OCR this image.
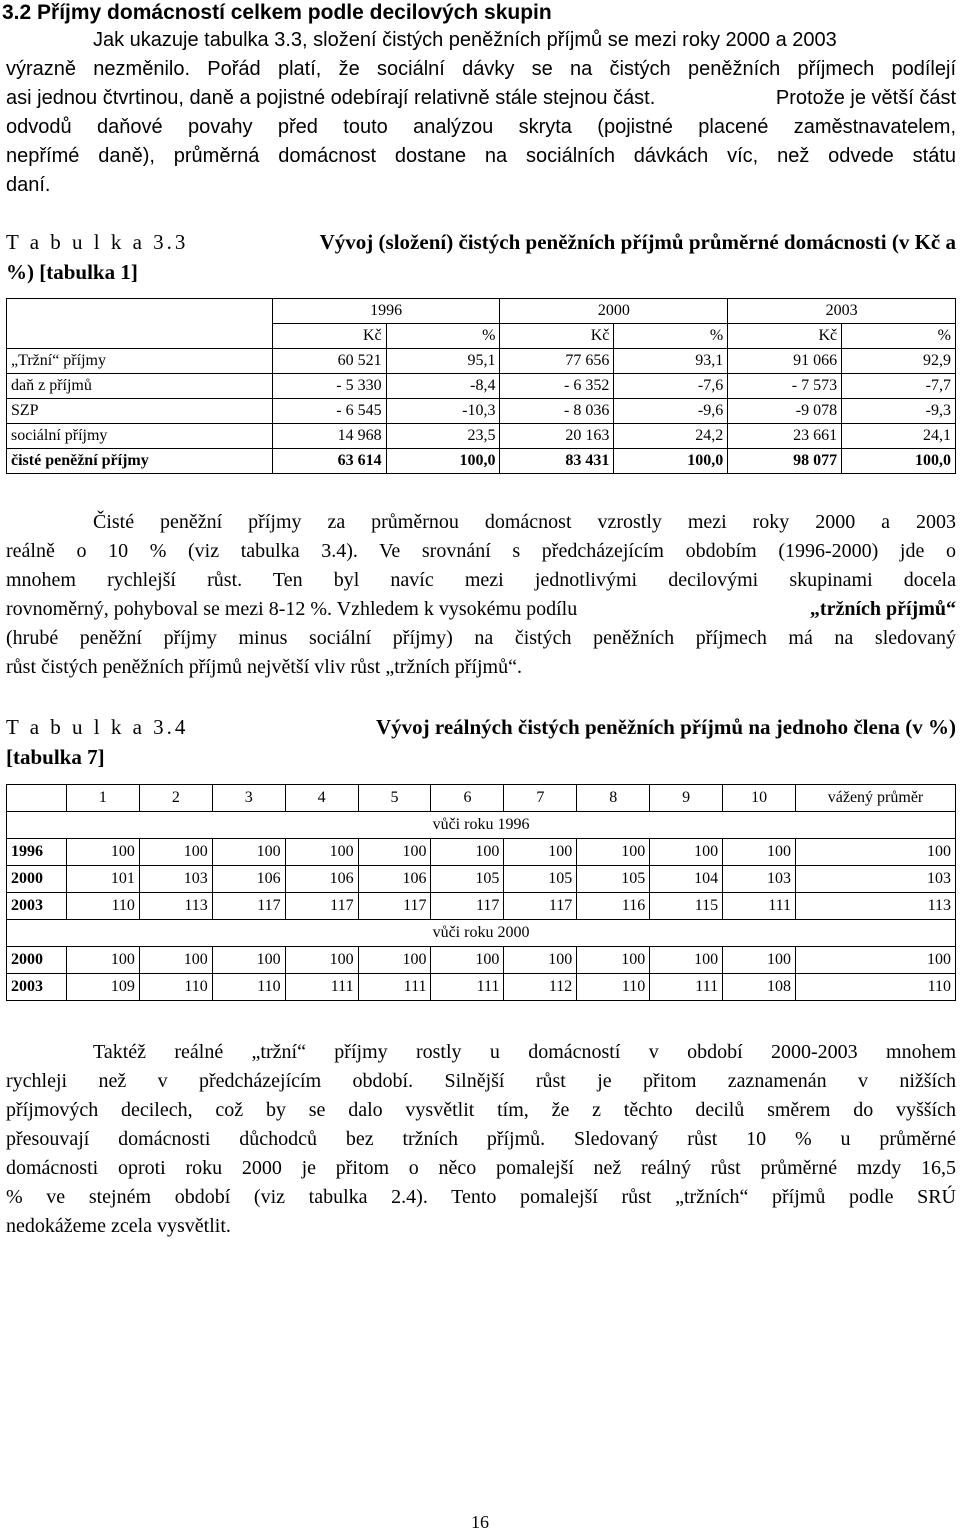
3.2 Příjmy domácností celkem podle decilových skupin
Jak ukazuje tabulka 3.3, složení čistých peněžních příjmů se mezi roky 2000 a 2003
výrazně nezměnilo. Pořád platí, že sociální dávky se na čistých peněžních příjmech podílejí
asi jednou čtvrtinou, daně a pojistné odebírají relativně stále stejnou část.	Protože je větší část
odvodů daňové povahy před touto analýzou skryta (pojistné placené zaměstnavatelem,
nepřímé daně), průměrná domácnost dostane na sociálních dávkách víc, než odvede státu
daní.
T a b u l k a 3.3	Vývoj (složení) čistých peněžních příjmů průměrné domácnosti (v Kč a
%) [tabulka 1]
	1996		2000		2003	
	Kč	%	Kč	%	Kč	%
„Tržní“ příjmy	60 521	95,1	77 656	93,1	91 066	92,9
daň z příjmů	- 5 330	-8,4	- 6 352	-7,6	- 7 573	-7,7
SZP	- 6 545	-10,3	- 8 036	-9,6	-9 078	-9,3
sociální příjmy	14 968	23,5	20 163	24,2	23 661	24,1
čisté peněžní příjmy	63 614	100,0	83 431	100,0	98 077	100,0
Čisté peněžní příjmy za průměrnou domácnost vzrostly mezi roky 2000 a 2003
reálně o 10 % (viz tabulka 3.4). Ve srovnání s předcházejícím obdobím (1996-2000) jde o
mnohem rychlejší růst. Ten byl navíc mezi jednotlivými decilovými skupinami docela
rovnoměrný, pohyboval se mezi 8-12 %. Vzhledem k vysokému podílu	„tržních příjmů“
(hrubé peněžní příjmy minus sociální příjmy) na čistých peněžních příjmech má na sledovaný
růst čistých peněžních příjmů největší vliv růst „tržních příjmů“.
T a b u l k a 3.4	Vývoj reálných čistých peněžních příjmů na jednoho člena (v %)
[tabulka 7]
	1	2	3	4	5	6	7	8	9	10	vážený průměr
vůči roku 1996											
1996	100	100	100	100	100	100	100	100	100	100	100
2000	101	103	106	106	106	105	105	105	104	103	103
2003	110	113	117	117	117	117	117	116	115	111	113
vůči roku 2000											
2000	100	100	100	100	100	100	100	100	100	100	100
2003	109	110	110	111	111	111	112	110	111	108	110
Taktéž reálné „tržní“ příjmy rostly u domácností v období 2000-2003 mnohem
rychleji než v předcházejícím období. Silnější růst je přitom zaznamenán v nižších
příjmových decilech, což by se dalo vysvětlit tím, že z těchto decilů směrem do vyšších
přesouvají domácnosti důchodců bez tržních příjmů. Sledovaný růst 10 % u průměrné
domácnosti oproti roku 2000 je přitom o něco pomalejší než reálný růst průměrné mzdy 16,5
% ve stejném období (viz tabulka 2.4). Tento pomalejší růst „tržních“ příjmů podle SRÚ
nedokážeme zcela vysvětlit.
16
